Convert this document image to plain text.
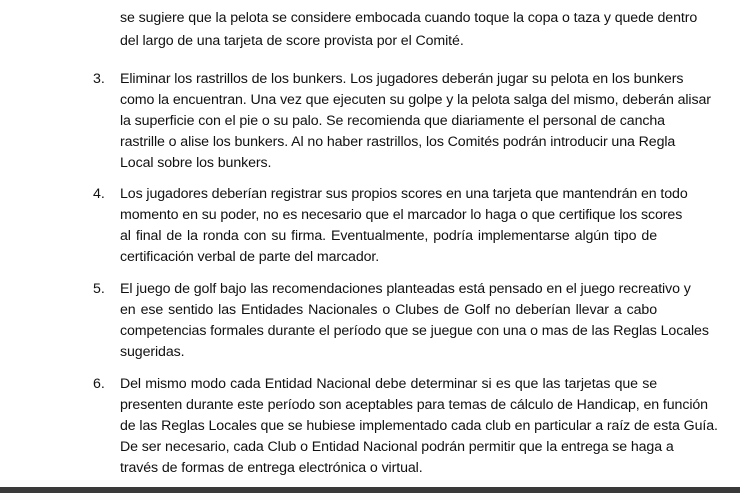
se sugiere que la pelota se considere embocada cuando toque la copa o taza y quede dentro
del largo de una tarjeta de score provista por el Comité.
3. Eliminar los rastrillos de los bunkers. Los jugadores deberán jugar su pelota en los bunkers
como la encuentran. Una vez que ejecuten su golpe y la pelota salga del mismo, deberán alisar
la superficie con el pie o su palo. Se recomienda que diariamente el personal de cancha
rastrille o alise los bunkers. Al no haber rastrillos, los Comités podrán introducir una Regla
Local sobre los bunkers.
4. Los jugadores deberían registrar sus propios scores en una tarjeta que mantendrán en todo
momento en su poder, no es necesario que el marcador lo haga o que certifique los scores
al final de la ronda con su firma. Eventualmente, podría implementarse algún tipo de
certificación verbal de parte del marcador.
5. El juego de golf bajo las recomendaciones planteadas está pensado en el juego recreativo y
en ese sentido las Entidades Nacionales o Clubes de Golf no deberían llevar a cabo
competencias formales durante el período que se juegue con una o mas de las Reglas Locales
sugeridas.
6. Del mismo modo cada Entidad Nacional debe determinar si es que las tarjetas que se
presenten durante este período son aceptables para temas de cálculo de Handicap, en función
de las Reglas Locales que se hubiese implementado cada club en particular a raíz de esta Guía.
De ser necesario, cada Club o Entidad Nacional podrán permitir que la entrega se haga a
través de formas de entrega electrónica o virtual.
